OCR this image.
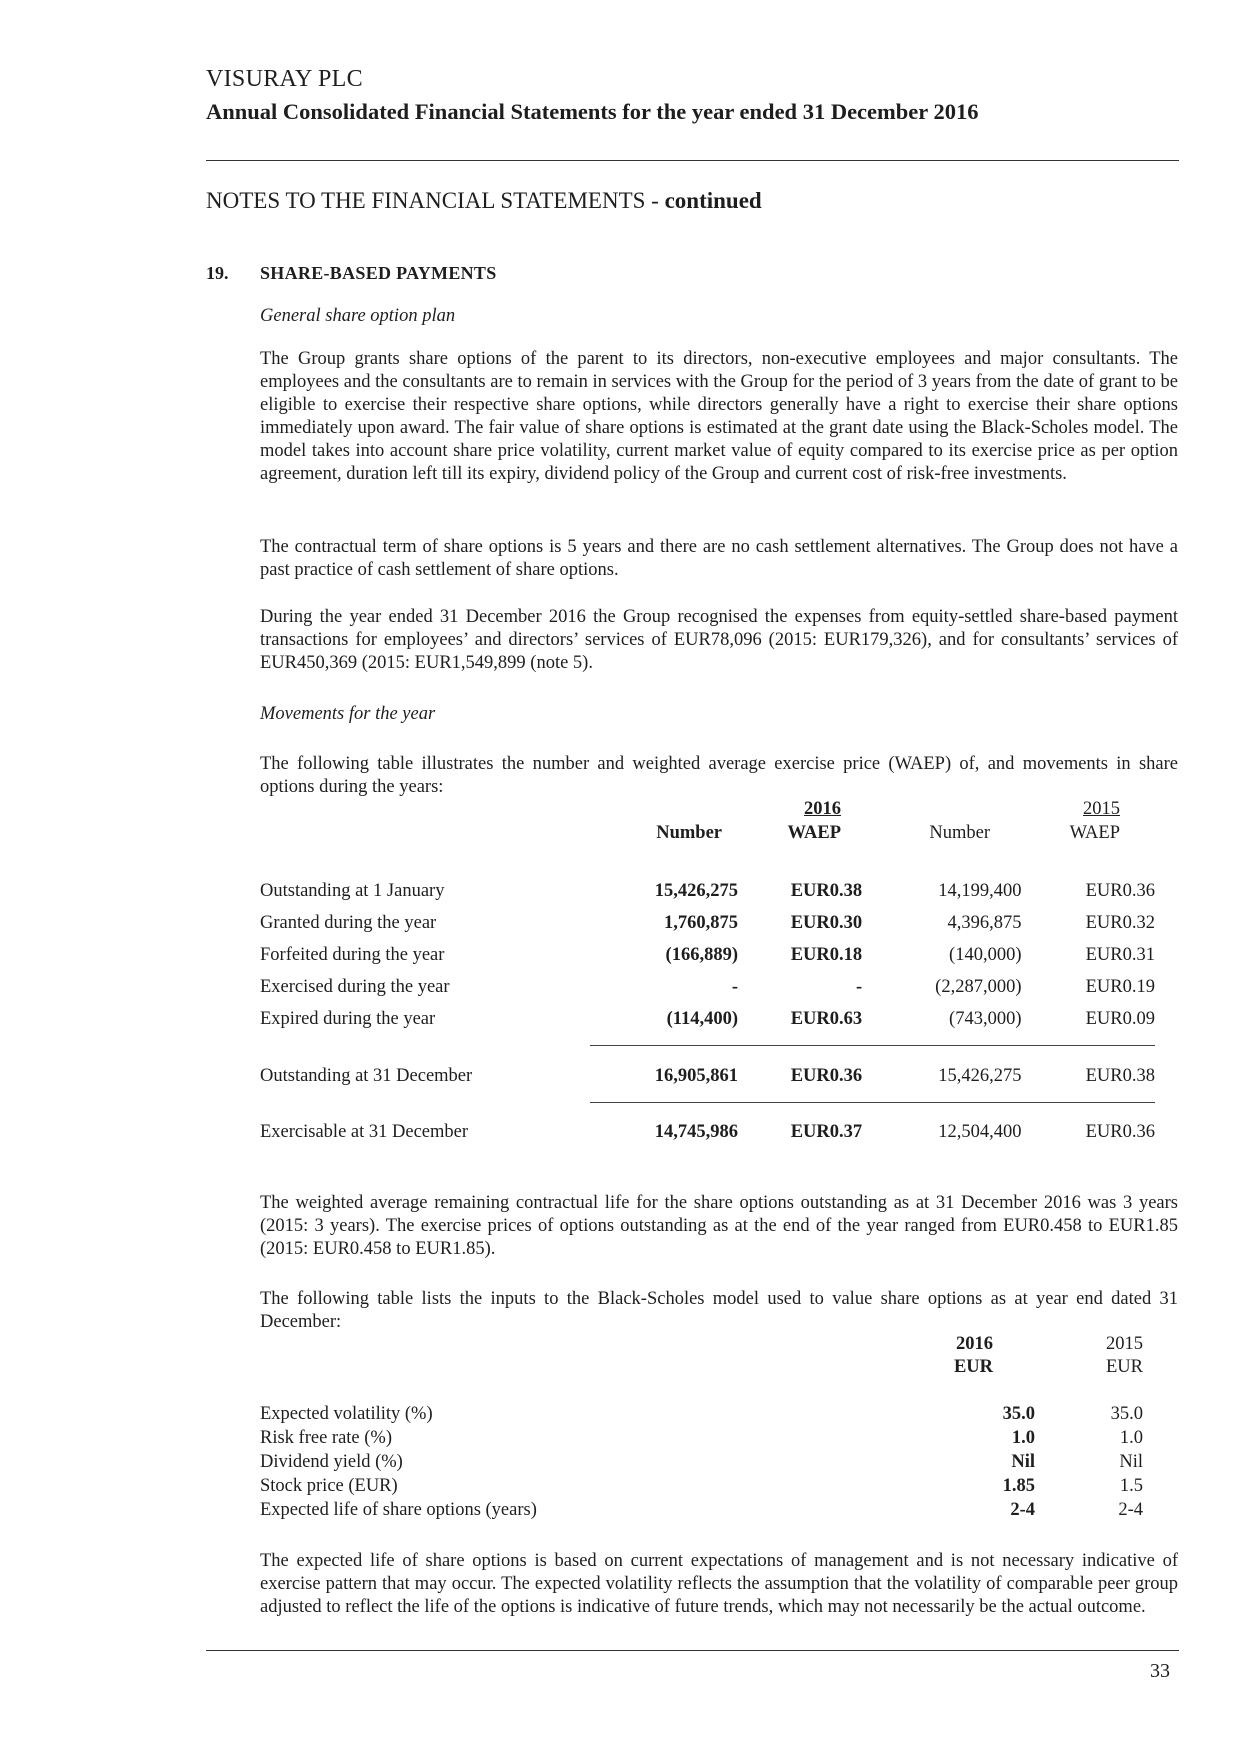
VISURAY PLC
Annual Consolidated Financial Statements for the year ended 31 December 2016
NOTES TO THE FINANCIAL STATEMENTS - continued
19. SHARE-BASED PAYMENTS
General share option plan
The Group grants share options of the parent to its directors, non-executive employees and major consultants. The employees and the consultants are to remain in services with the Group for the period of 3 years from the date of grant to be eligible to exercise their respective share options, while directors generally have a right to exercise their share options immediately upon award. The fair value of share options is estimated at the grant date using the Black-Scholes model. The model takes into account share price volatility, current market value of equity compared to its exercise price as per option agreement, duration left till its expiry, dividend policy of the Group and current cost of risk-free investments.
The contractual term of share options is 5 years and there are no cash settlement alternatives. The Group does not have a past practice of cash settlement of share options.
During the year ended 31 December 2016 the Group recognised the expenses from equity-settled share-based payment transactions for employees’ and directors’ services of EUR78,096 (2015: EUR179,326), and for consultants’ services of EUR450,369 (2015: EUR1,549,899 (note 5).
Movements for the year
The following table illustrates the number and weighted average exercise price (WAEP) of, and movements in share options during the years:
2016	2015
Number	WAEP	Number	WAEP
Outstanding at 1 January	15,426,275	EUR0.38	14,199,400	EUR0.36
Granted during the year	1,760,875	EUR0.30	4,396,875	EUR0.32
Forfeited during the year	(166,889)	EUR0.18	(140,000)	EUR0.31
Exercised during the year	-	-	(2,287,000)	EUR0.19
Expired during the year	(114,400)	EUR0.63	(743,000)	EUR0.09
Outstanding at 31 December	16,905,861	EUR0.36	15,426,275	EUR0.38
Exercisable at 31 December	14,745,986	EUR0.37	12,504,400	EUR0.36
The weighted average remaining contractual life for the share options outstanding as at 31 December 2016 was 3 years (2015: 3 years). The exercise prices of options outstanding as at the end of the year ranged from EUR0.458 to EUR1.85 (2015: EUR0.458 to EUR1.85).
The following table lists the inputs to the Black-Scholes model used to value share options as at year end dated 31 December:
2016	2015
EUR	EUR
Expected volatility (%)	35.0	35.0
Risk free rate (%)	1.0	1.0
Dividend yield (%)	Nil	Nil
Stock price (EUR)	1.85	1.5
Expected life of share options (years)	2-4	2-4
The expected life of share options is based on current expectations of management and is not necessary indicative of exercise pattern that may occur. The expected volatility reflects the assumption that the volatility of comparable peer group adjusted to reflect the life of the options is indicative of future trends, which may not necessarily be the actual outcome.
33
